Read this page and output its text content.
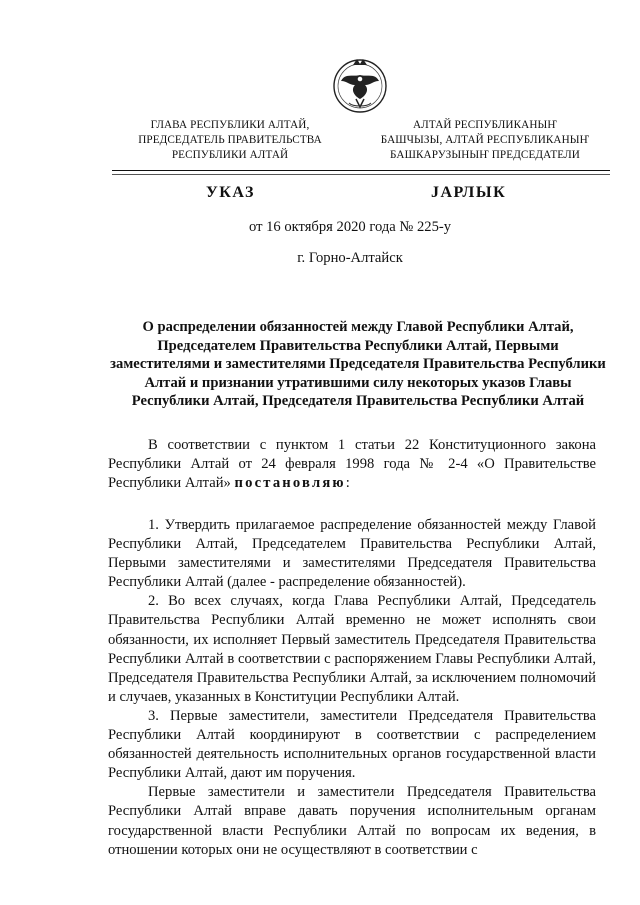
ГЛАВА РЕСПУБЛИКИ АЛТАЙ,
ПРЕДСЕДАТЕЛЬ ПРАВИТЕЛЬСТВА
РЕСПУБЛИКИ АЛТАЙ
АЛТАЙ РЕСПУБЛИКАНЫҤ
БАШЧЫЗЫ, АЛТАЙ РЕСПУБЛИКАНЫҤ
БАШКАРУЗЫНЫҤ ПРЕДСЕДАТЕЛИ
УКАЗ	ЈАРЛЫК
от 16 октября 2020 года № 225-у
г. Горно-Алтайск
О распределении обязанностей между Главой Республики Алтай, Председателем Правительства Республики Алтай, Первыми заместителями и заместителями Председателя Правительства Республики Алтай и признании утратившими силу некоторых указов Главы Республики Алтай, Председателя Правительства Республики Алтай

В соответствии с пунктом 1 статьи 22 Конституционного закона Республики Алтай от 24 февраля 1998 года № 2-4 «О Правительстве Республики Алтай» постановляю:

1. Утвердить прилагаемое распределение обязанностей между Главой Республики Алтай, Председателем Правительства Республики Алтай, Первыми заместителями и заместителями Председателя Правительства Республики Алтай (далее - распределение обязанностей).

2. Во всех случаях, когда Глава Республики Алтай, Председатель Правительства Республики Алтай временно не может исполнять свои обязанности, их исполняет Первый заместитель Председателя Правительства Республики Алтай в соответствии с распоряжением Главы Республики Алтай, Председателя Правительства Республики Алтай, за исключением полномочий и случаев, указанных в Конституции Республики Алтай.

3. Первые заместители, заместители Председателя Правительства Республики Алтай координируют в соответствии с распределением обязанностей деятельность исполнительных органов государственной власти Республики Алтай, дают им поручения.

Первые заместители и заместители Председателя Правительства Республики Алтай вправе давать поручения исполнительным органам государственной власти Республики Алтай по вопросам их ведения, в отношении которых они не осуществляют в соответствии с
